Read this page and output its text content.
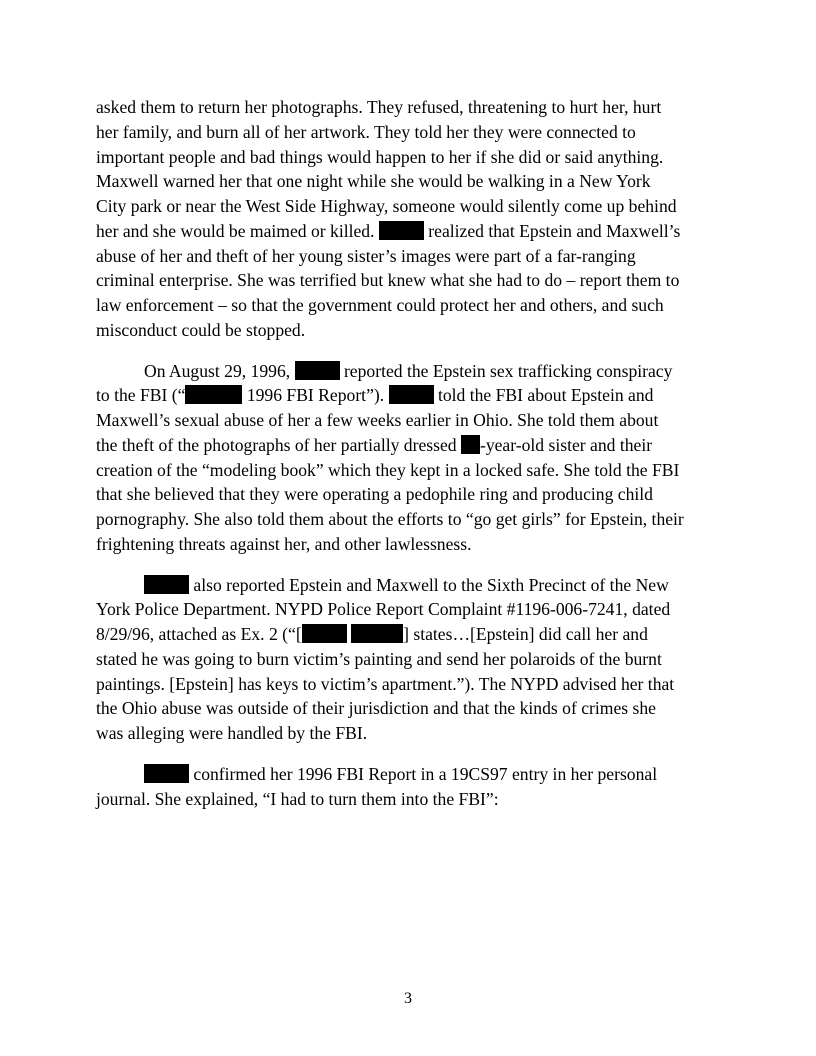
asked them to return her photographs. They refused, threatening to hurt her, hurt
her family, and burn all of her artwork. They told her they were connected to
important people and bad things would happen to her if she did or said anything.
Maxwell warned her that one night while she would be walking in a New York
City park or near the West Side Highway, someone would silently come up behind
her and she would be maimed or killed.	realized that Epstein and Maxwell’s
abuse of her and theft of her young sister’s images were part of a far-ranging
criminal enterprise. She was terrified but knew what she had to do – report them to
law enforcement – so that the government could protect her and others, and such
misconduct could be stopped.

On August 29, 1996,	reported the Epstein sex trafficking conspiracy
to the FBI (“	1996 FBI Report”).	told the FBI about Epstein and
Maxwell’s sexual abuse of her a few weeks earlier in Ohio. She told them about
the theft of the photographs of her partially dressed -year-old sister and their
creation of the “modeling book” which they kept in a locked safe. She told the FBI
that she believed that they were operating a pedophile ring and producing child
pornography. She also told them about the efforts to “go get girls” for Epstein, their
frightening threats against her, and other lawlessness.

also reported Epstein and Maxwell to the Sixth Precinct of the New
York Police Department. NYPD Police Report Complaint #1196-006-7241, dated
8/29/96, attached as Ex. 2 (“[	] states…[Epstein] did call her and
stated he was going to burn victim’s painting and send her polaroids of the burnt
paintings. [Epstein] has keys to victim’s apartment.”). The NYPD advised her that
the Ohio abuse was outside of their jurisdiction and that the kinds of crimes she
was alleging were handled by the FBI.

confirmed her 1996 FBI Report in a 19CS97 entry in her personal
journal. She explained, “I had to turn them into the FBI”:

3
